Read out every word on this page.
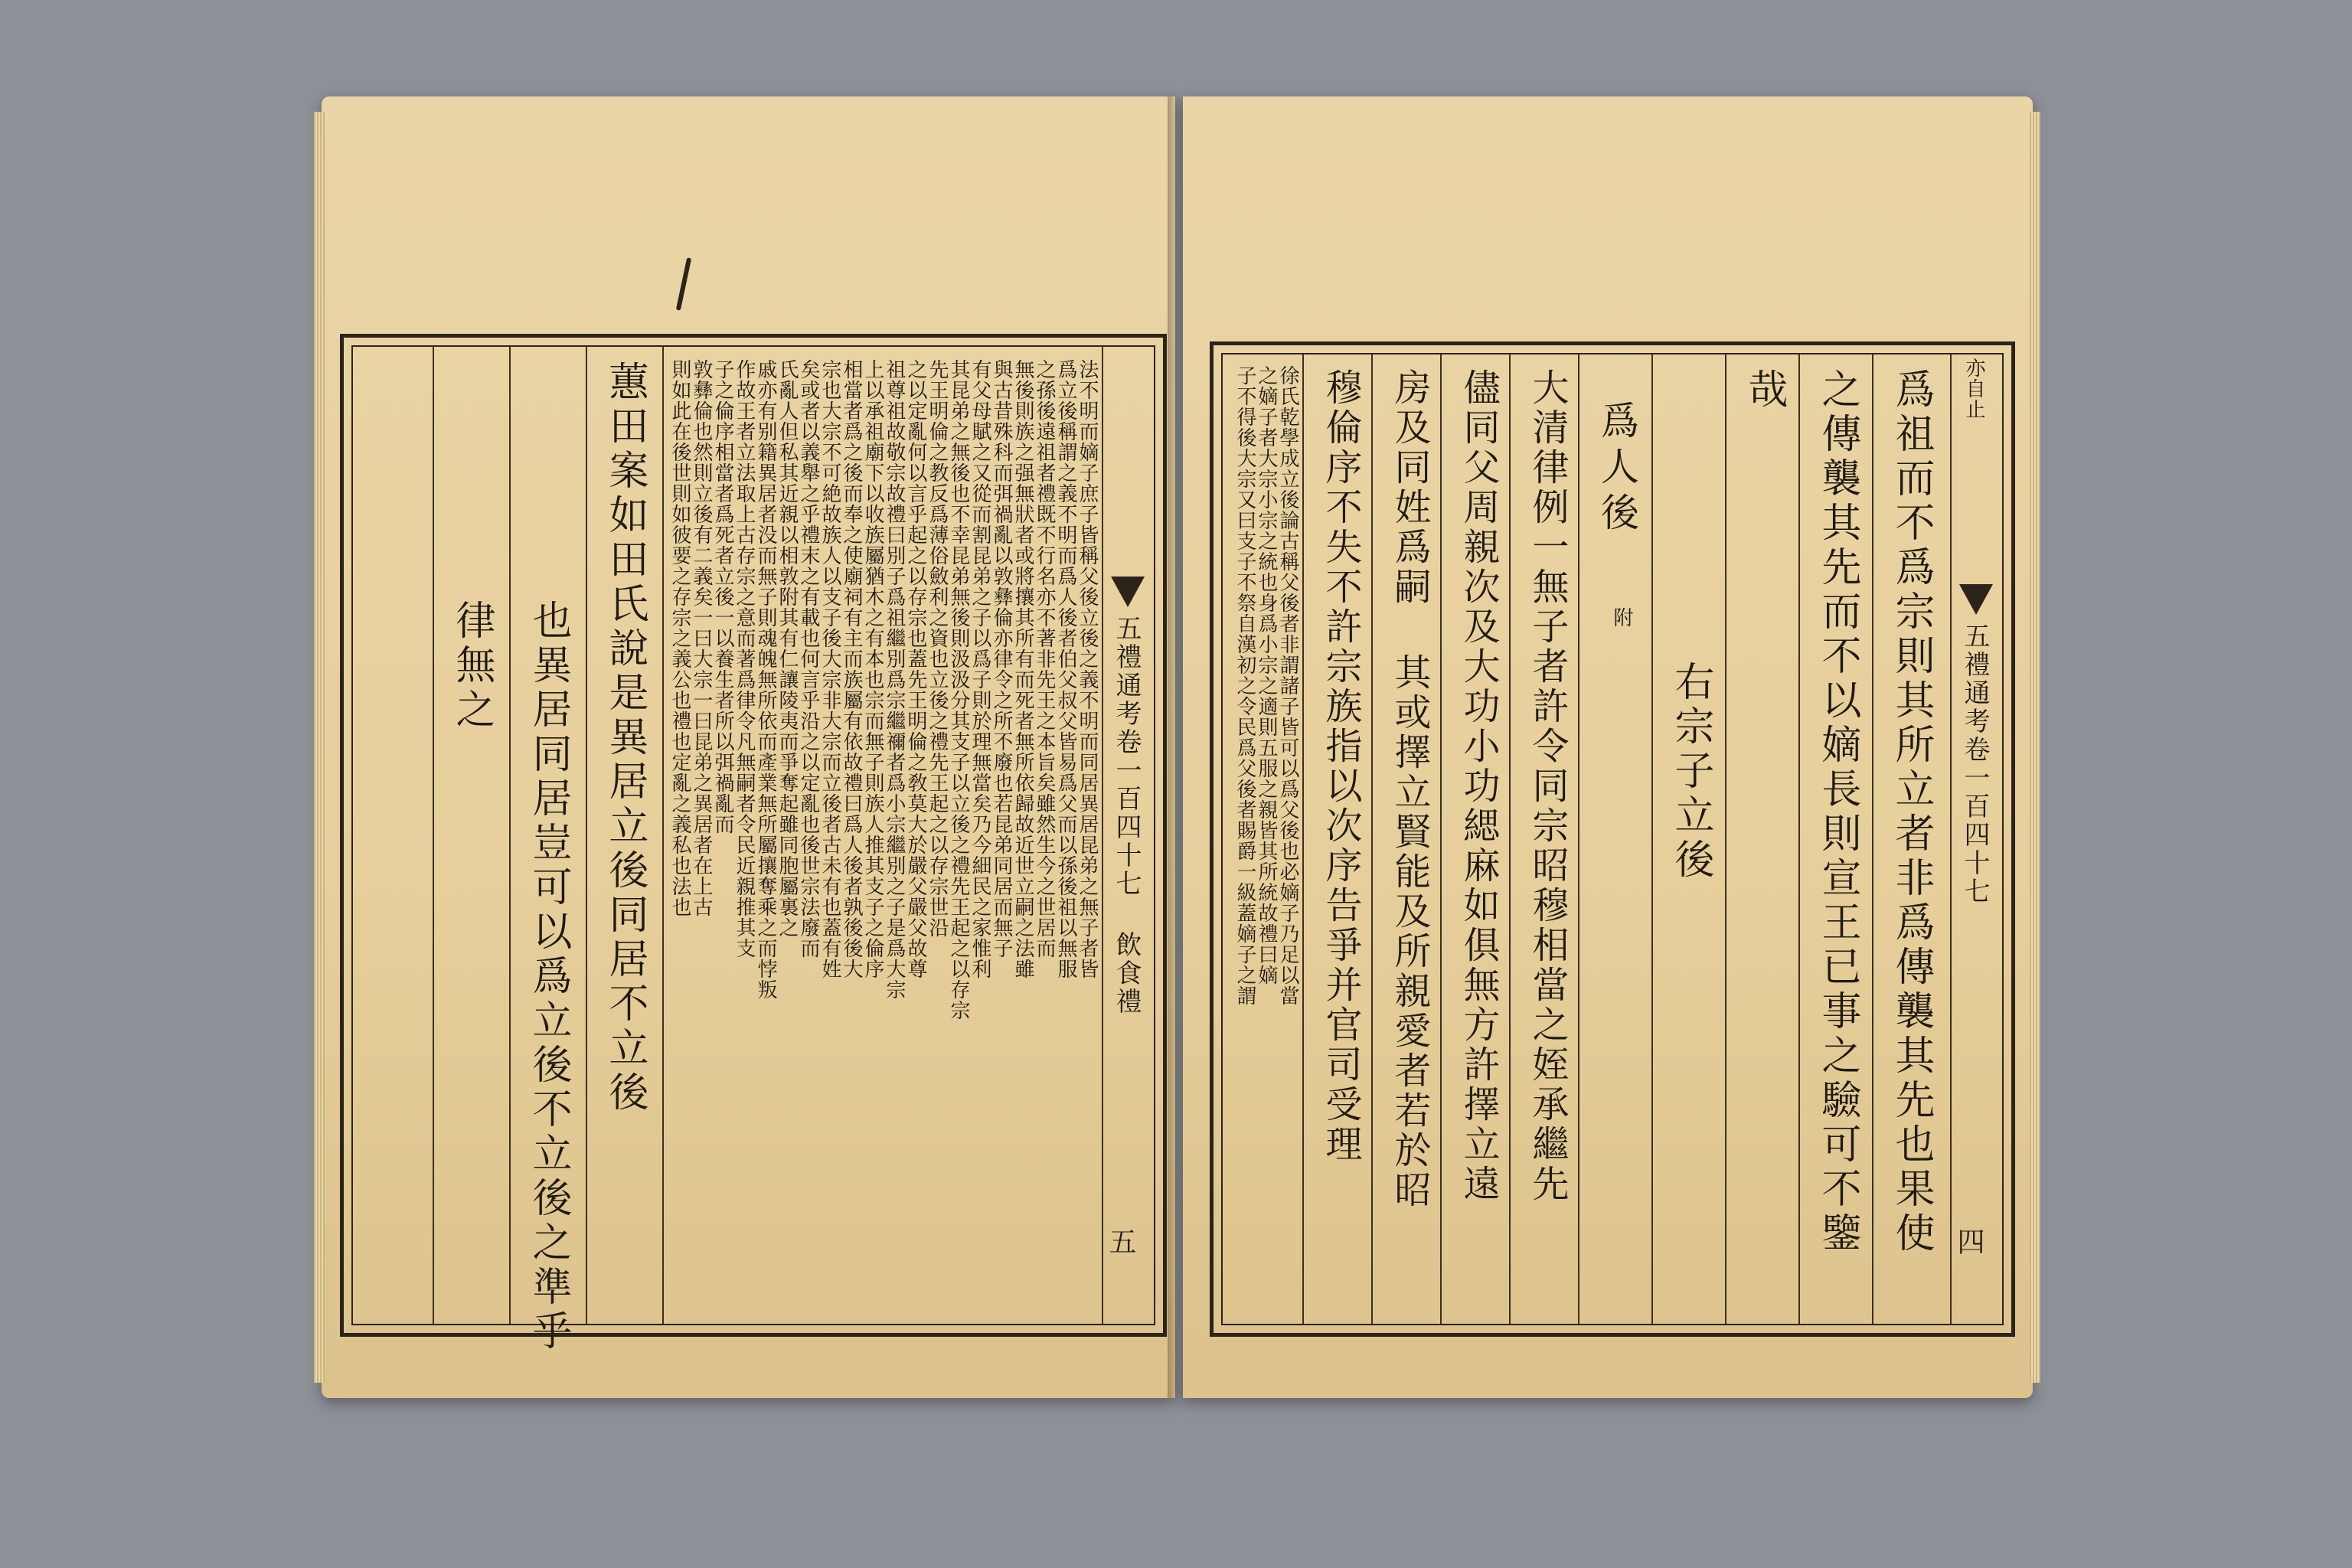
五禮通考卷一百四十七 飲食禮
五
法不明而嫡子庶子皆稱父後立後之義不明而同居異居昆弟之無子者皆
爲立後稱謂之義不明而爲人後者伯父叔父皆易爲父而以孫後祖以無服
之孫後遠祖者禮既不行名亦不著非先王之本旨矣雖然生今之世居而
無後則族之强無狀者或將攘其所有而死者無所依歸故近世立嗣之法雖
與古昔殊科而弭禍亂以敦彝倫亦律令之所不廢也若昆弟同居而無子
有父母賦之又從而割昆弟之子以爲子則於理無當矣乃今細民之家惟利
其昆弟之無後也不幸昆弟無後則汲汲分其支子以立後之禮先王起之以存宗
先王明倫之教反爲薄俗斂利之資也立後之禮先王起之以存宗世沿
之以定亂何以言乎起之以存宗也蓋先王明倫之敎莫大於嚴父嚴父故尊
祖尊祖故敬宗故禮曰別子爲祖繼別爲宗繼禰者爲小宗繼別之子是爲大宗
上以承祖廟下以收族屬猶木之有本也宗而無子則族人推其支子之倫序
相當者爲之後而奉之使廟祠有主而族屬有依故禮曰爲人後者孰後後大
宗也大宗不可絶故族人以支子後大宗非大宗而立後者古未有也蓋有姓
矣或者以義舉之乎禮末之有載也何言乎沿之以定亂也後世宗法廢而
氏亂人但私其近親以相敦附其有仁讓陵夷而爭奪起雖同胞屬裏之
戚亦有别籍異居者没而無子則魂魄無所依而產業無所屬攘奪乘之而悖叛
作故王者立法取上古存宗之意而著爲律令凡無嗣者令民近親推其支
子之倫序相當者爲死者立後一以養生者所以弭禍亂而
敦彝倫也然則立後有二義矣一曰大宗一曰昆弟之異居者在上古
則如此在後世則如彼要之存宗之義公也禮也定亂之義私也法也
蕙田案如田氏說是異居立後同居不立後
也異居同居豈可以爲立後不立後之準乎
律無之
亦自止
五禮通考卷一百四十七
四
爲祖而不爲宗則其所立者非爲傳襲其先也果使
之傳襲其先而不以嫡長則宣王已事之驗可不鑒
哉
右宗子立後
爲人後
附
大清律例一無子者許令同宗昭穆相當之姪承繼先
儘同父周親次及大功小功緦麻如俱無方許擇立遠
房及同姓爲嗣 其或擇立賢能及所親愛者若於昭
穆倫序不失不許宗族指以次序告爭并官司受理
徐氏乾學成立後論古稱父後者非謂諸子皆可以爲父後也必嫡子乃足以當
之嫡子者大宗小宗之統也身爲小宗之適則五服之親皆其所統故禮曰嫡
子不得後大宗又曰支子不祭自漢初之令民爲父後者賜爵一級蓋嫡子之謂
